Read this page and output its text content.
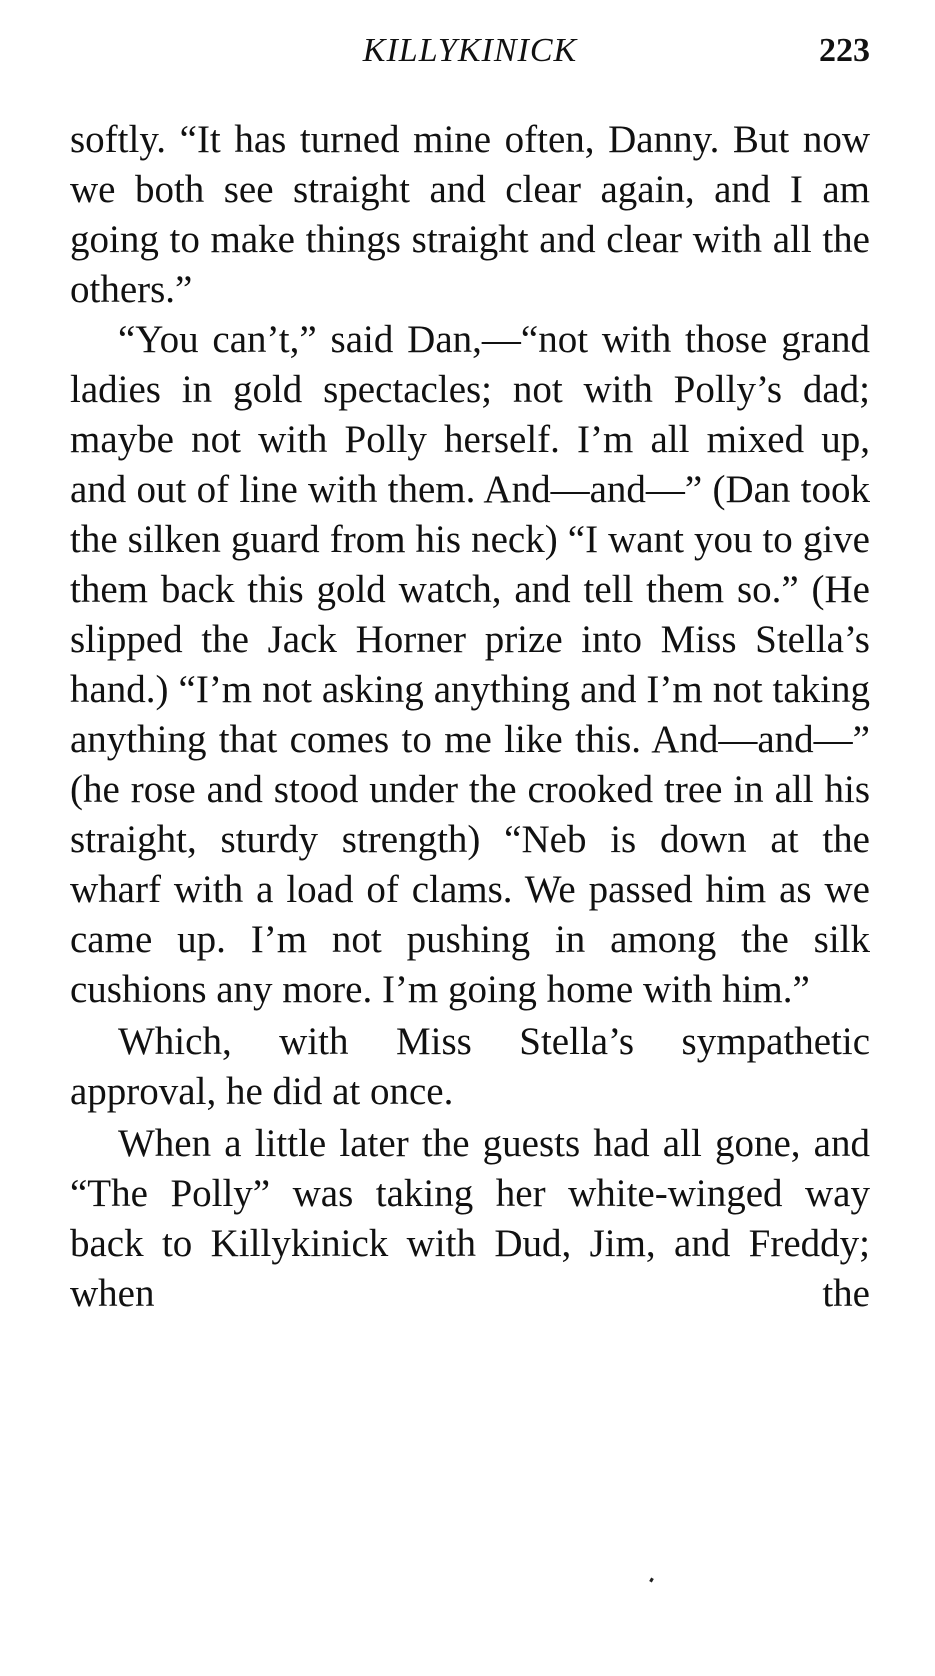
KILLYKINICK	223

softly. “It has turned mine often, Danny. But now we both see straight and clear again, and I am going to make things straight and clear with all the others.”

“You can’t,” said Dan,—“not with those grand ladies in gold spectacles; not with Polly’s dad; maybe not with Polly herself. I’m all mixed up, and out of line with them. And—and—” (Dan took the silken guard from his neck) “I want you to give them back this gold watch, and tell them so.” (He slipped the Jack Horner prize into Miss Stella’s hand.) “I’m not asking anything and I’m not taking anything that comes to me like this. And—and—” (he rose and stood under the crooked tree in all his straight, sturdy strength) “Neb is down at the wharf with a load of clams. We passed him as we came up. I’m not pushing in among the silk cushions any more. I’m going home with him.”

Which, with Miss Stella’s sympathetic approval, he did at once.

When a little later the guests had all gone, and “The Polly” was taking her white-winged way back to Killykinick with Dud, Jim, and Freddy; when the
